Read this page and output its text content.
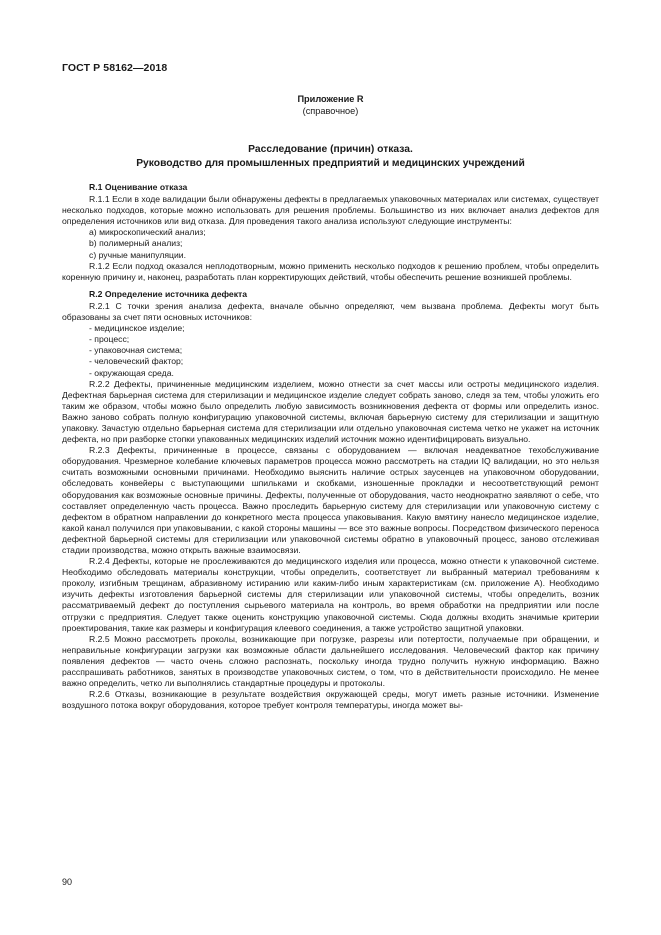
ГОСТ Р 58162—2018
Приложение R
(справочное)
Расследование (причин) отказа.
Руководство для промышленных предприятий и медицинских учреждений

R.1 Оценивание отказа

R.1.1 Если в ходе валидации были обнаружены дефекты в предлагаемых упаковочных материалах или системах, существует несколько подходов, которые можно использовать для решения проблемы. Большинство из них включает анализ дефектов для определения источников или вид отказа. Для проведения такого анализа используют следующие инструменты:

а) микроскопический анализ;

b) полимерный анализ;

с) ручные манипуляции.

R.1.2 Если подход оказался неплодотворным, можно применить несколько подходов к решению проблем, чтобы определить коренную причину и, наконец, разработать план корректирующих действий, чтобы обеспечить решение возникшей проблемы.

R.2 Определение источника дефекта

R.2.1 С точки зрения анализа дефекта, вначале обычно определяют, чем вызвана проблема. Дефекты могут быть образованы за счет пяти основных источников:

- медицинское изделие;

- процесс;

- упаковочная система;

- человеческий фактор;

- окружающая среда.

R.2.2 Дефекты, причиненные медицинским изделием, можно отнести за счет массы или остроты медицинского изделия. Дефектная барьерная система для стерилизации и медицинское изделие следует собрать заново, следя за тем, чтобы уложить его таким же образом, чтобы можно было определить любую зависимость возникновения дефекта от формы или определить износ. Важно заново собрать полную конфигурацию упаковочной системы, включая барьерную систему для стерилизации и защитную упаковку. Зачастую отдельно барьерная система для стерилизации или отдельно упаковочная система четко не укажет на источник дефекта, но при разборке стопки упакованных медицинских изделий источник можно идентифицировать визуально.

R.2.3 Дефекты, причиненные в процессе, связаны с оборудованием — включая неадекватное техобслуживание оборудования. Чрезмерное колебание ключевых параметров процесса можно рассмотреть на стадии IQ валидации, но это нельзя считать возможными основными причинами. Необходимо выяснить наличие острых заусенцев на упаковочном оборудовании, обследовать конвейеры с выступающими шпильками и скобками, изношенные прокладки и несоответствующий ремонт оборудования как возможные основные причины. Дефекты, полученные от оборудования, часто неоднократно заявляют о себе, что составляет определенную часть процесса. Важно проследить барьерную систему для стерилизации или упаковочную систему с дефектом в обратном направлении до конкретного места процесса упаковывания. Какую вмятину нанесло медицинское изделие, какой канал получился при упаковывании, с какой стороны машины — все это важные вопросы. Посредством физического переноса дефектной барьерной системы для стерилизации или упаковочной системы обратно в упаковочный процесс, заново отслеживая стадии производства, можно открыть важные взаимосвязи.

R.2.4 Дефекты, которые не прослеживаются до медицинского изделия или процесса, можно отнести к упаковочной системе. Необходимо обследовать материалы конструкции, чтобы определить, соответствует ли выбранный материал требованиям к проколу, изгибным трещинам, абразивному истиранию или каким-либо иным характеристикам (см. приложение А). Необходимо изучить дефекты изготовления барьерной системы для стерилизации или упаковочной системы, чтобы определить, возник рассматриваемый дефект до поступления сырьевого материала на контроль, во время обработки на предприятии или после отгрузки с предприятия. Следует также оценить конструкцию упаковочной системы. Сюда должны входить значимые критерии проектирования, такие как размеры и конфигурация клеевого соединения, а также устройство защитной упаковки.

R.2.5 Можно рассмотреть проколы, возникающие при погрузке, разрезы или потертости, получаемые при обращении, и неправильные конфигурации загрузки как возможные области дальнейшего исследования. Человеческий фактор как причину появления дефектов — часто очень сложно распознать, поскольку иногда трудно получить нужную информацию. Важно расспрашивать работников, занятых в производстве упаковочных систем, о том, что в действительности происходило. Не менее важно определить, четко ли выполнялись стандартные процедуры и протоколы.

R.2.6 Отказы, возникающие в результате воздействия окружающей среды, могут иметь разные источники. Изменение воздушного потока вокруг оборудования, которое требует контроля температуры, иногда может вы-

90
